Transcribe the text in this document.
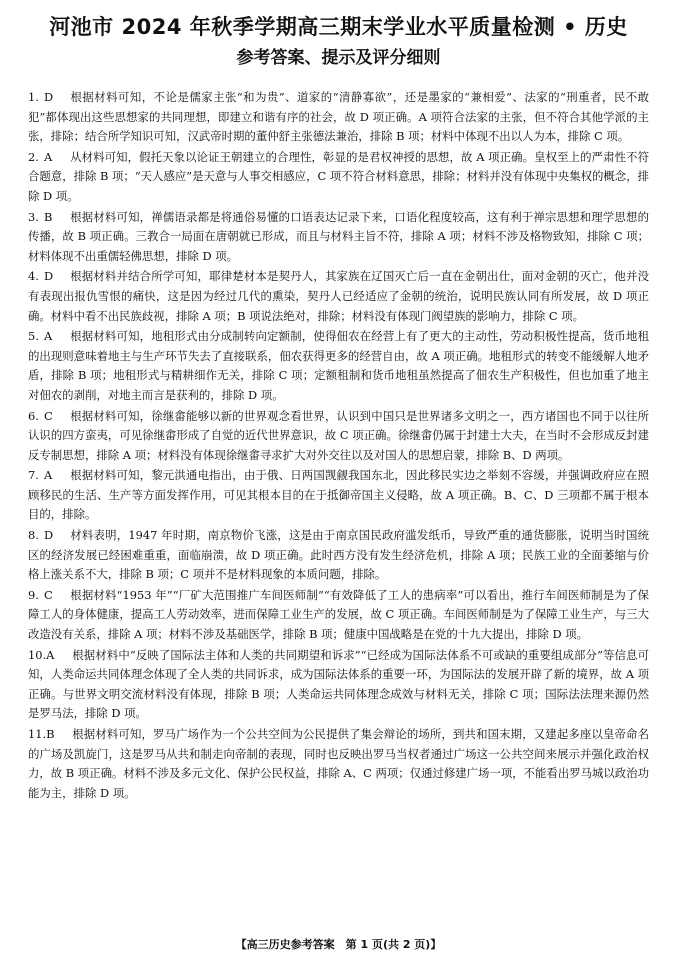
河池市 2024 年秋季学期高三期末学业水平质量检测 • 历史
参考答案、提示及评分细则

1. D 根据材料可知，不论是儒家主张“和为贵”、道家的“清静寡欲”，还是墨家的“兼相爱”、法家的“刑重者，民不敢犯”都体现出这些思想家的共同理想，即建立和谐有序的社会，故 D 项正确。A 项符合法家的主张，但不符合其他学派的主张，排除；结合所学知识可知，汉武帝时期的董仲舒主张德法兼治，排除 B 项；材料中体现不出以人为本，排除 C 项。

2. A 从材料可知，假托天象以论证王朝建立的合理性，彰显的是君权神授的思想，故 A 项正确。皇权至上的严肃性不符合题意，排除 B 项；“天人感应”是天意与人事交相感应，C 项不符合材料意思，排除；材料并没有体现中央集权的概念，排除 D 项。

3. B 根据材料可知，禅儒语录都是将通俗易懂的口语表达记录下来，口语化程度较高，这有利于禅宗思想和理学思想的传播，故 B 项正确。三教合一局面在唐朝就已形成，而且与材料主旨不符，排除 A 项；材料不涉及格物致知，排除 C 项；材料体现不出重儒轻佛思想，排除 D 项。

4. D 根据材料并结合所学可知，耶律楚材本是契丹人，其家族在辽国灭亡后一直在金朝出仕，面对金朝的灭亡，他并没有表现出报仇雪恨的痛快，这是因为经过几代的熏染，契丹人已经适应了金朝的统治，说明民族认同有所发展，故 D 项正确。材料中看不出民族歧视，排除 A 项；B 项说法绝对，排除；材料没有体现门阀望族的影响力，排除 C 项。

5. A 根据材料可知，地租形式由分成制转向定额制，使得佃农在经营上有了更大的主动性，劳动积极性提高，货币地租的出现则意味着地主与生产环节失去了直接联系，佃农获得更多的经营自由，故 A 项正确。地租形式的转变不能缓解人地矛盾，排除 B 项；地租形式与精耕细作无关，排除 C 项；定额租制和货币地租虽然提高了佃农生产积极性，但也加重了地主对佃农的剥削，对地主而言是获利的，排除 D 项。

6. C 根据材料可知，徐继畬能够以新的世界观念看世界，认识到中国只是世界诸多文明之一，西方诸国也不同于以往所认识的四方蛮夷，可见徐继畬形成了自觉的近代世界意识，故 C 项正确。徐继畬仍属于封建士大夫，在当时不会形成反封建反专制思想，排除 A 项；材料没有体现徐继畬寻求扩大对外交往以及对国人的思想启蒙，排除 B、D 两项。

7. A 根据材料可知，黎元洪通电指出，由于俄、日两国觊觎我国东北，因此移民实边之举刻不容缓，并强调政府应在照顾移民的生活、生产等方面发挥作用，可见其根本目的在于抵御帝国主义侵略，故 A 项正确。B、C、D 三项都不属于根本目的，排除。

8. D 材料表明，1947 年时期，南京物价飞涨，这是由于南京国民政府滥发纸币，导致严重的通货膨胀，说明当时国统区的经济发展已经困难重重，面临崩溃，故 D 项正确。此时西方没有发生经济危机，排除 A 项；民族工业的全面萎缩与价格上涨关系不大，排除 B 项；C 项并不是材料现象的本质问题，排除。

9. C 根据材料“1953 年”“厂矿大范围推广车间医师制”“有效降低了工人的患病率”可以看出，推行车间医师制是为了保障工人的身体健康，提高工人劳动效率，进而保障工业生产的发展，故 C 项正确。车间医师制是为了保障工业生产，与三大改造没有关系，排除 A 项；材料不涉及基础医学，排除 B 项；健康中国战略是在党的十九大提出，排除 D 项。

10.A 根据材料中“反映了国际法主体和人类的共同期望和诉求”“已经成为国际法体系不可或缺的重要组成部分”等信息可知，人类命运共同体理念体现了全人类的共同诉求，成为国际法体系的重要一环，为国际法的发展开辟了新的境界，故 A 项正确。与世界文明交流材料没有体现，排除 B 项；人类命运共同体理念成效与材料无关，排除 C 项；国际法法理来源仍然是罗马法，排除 D 项。

11.B 根据材料可知，罗马广场作为一个公共空间为公民提供了集会辩论的场所，到共和国末期，又建起多座以皇帝命名的广场及凯旋门，这是罗马从共和制走向帝制的表现，同时也反映出罗马当权者通过广场这一公共空间来展示并强化政治权力，故 B 项正确。材料不涉及多元文化、保护公民权益，排除 A、C 两项；仅通过修建广场一项，不能看出罗马城以政治功能为主，排除 D 项。

【高三历史参考答案　第 1 页(共 2 页)】
